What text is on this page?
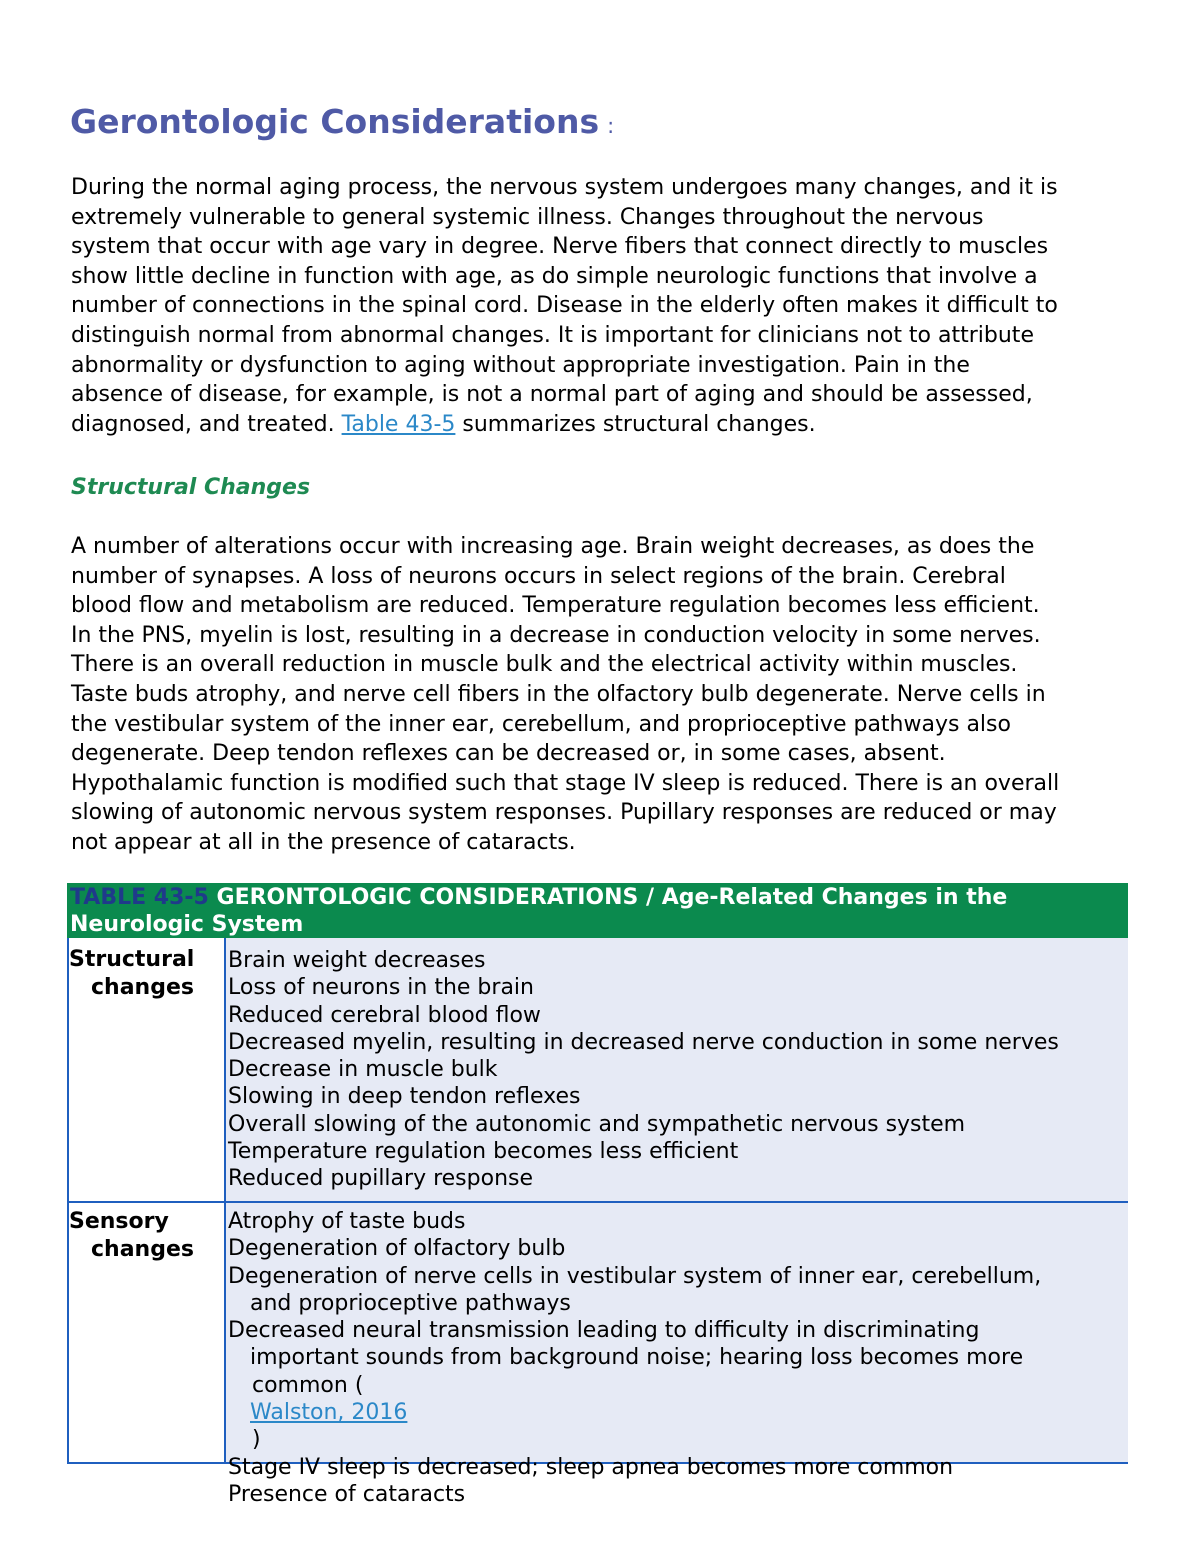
Gerontologic Considerations :

During the normal aging process, the nervous system undergoes many changes, and it is
extremely vulnerable to general systemic illness. Changes throughout the nervous
system that occur with age vary in degree. Nerve fibers that connect directly to muscles
show little decline in function with age, as do simple neurologic functions that involve a
number of connections in the spinal cord. Disease in the elderly often makes it difficult to
distinguish normal from abnormal changes. It is important for clinicians not to attribute
abnormality or dysfunction to aging without appropriate investigation. Pain in the
absence of disease, for example, is not a normal part of aging and should be assessed,
diagnosed, and treated. Table 43-5 summarizes structural changes.

Structural Changes

A number of alterations occur with increasing age. Brain weight decreases, as does the
number of synapses. A loss of neurons occurs in select regions of the brain. Cerebral
blood flow and metabolism are reduced. Temperature regulation becomes less efficient.
In the PNS, myelin is lost, resulting in a decrease in conduction velocity in some nerves.
There is an overall reduction in muscle bulk and the electrical activity within muscles.
Taste buds atrophy, and nerve cell fibers in the olfactory bulb degenerate. Nerve cells in
the vestibular system of the inner ear, cerebellum, and proprioceptive pathways also
degenerate. Deep tendon reflexes can be decreased or, in some cases, absent.
Hypothalamic function is modified such that stage IV sleep is reduced. There is an overall
slowing of autonomic nervous system responses. Pupillary responses are reduced or may
not appear at all in the presence of cataracts.

TABLE 43-5 GERONTOLOGIC CONSIDERATIONS / Age-Related Changes in the
Neurologic System
Structural
changes
Brain weight decreases
Loss of neurons in the brain
Reduced cerebral blood flow
Decreased myelin, resulting in decreased nerve conduction in some nerves
Decrease in muscle bulk
Slowing in deep tendon reflexes
Overall slowing of the autonomic and sympathetic nervous system
Temperature regulation becomes less efficient
Reduced pupillary response
Sensory
changes
Atrophy of taste buds
Degeneration of olfactory bulb
Degeneration of nerve cells in vestibular system of inner ear, cerebellum,
and proprioceptive pathways
Decreased neural transmission leading to difficulty in discriminating
important sounds from background noise; hearing loss becomes more
common (
Walston, 2016
)
Stage IV sleep is decreased; sleep apnea becomes more common
Presence of cataracts
